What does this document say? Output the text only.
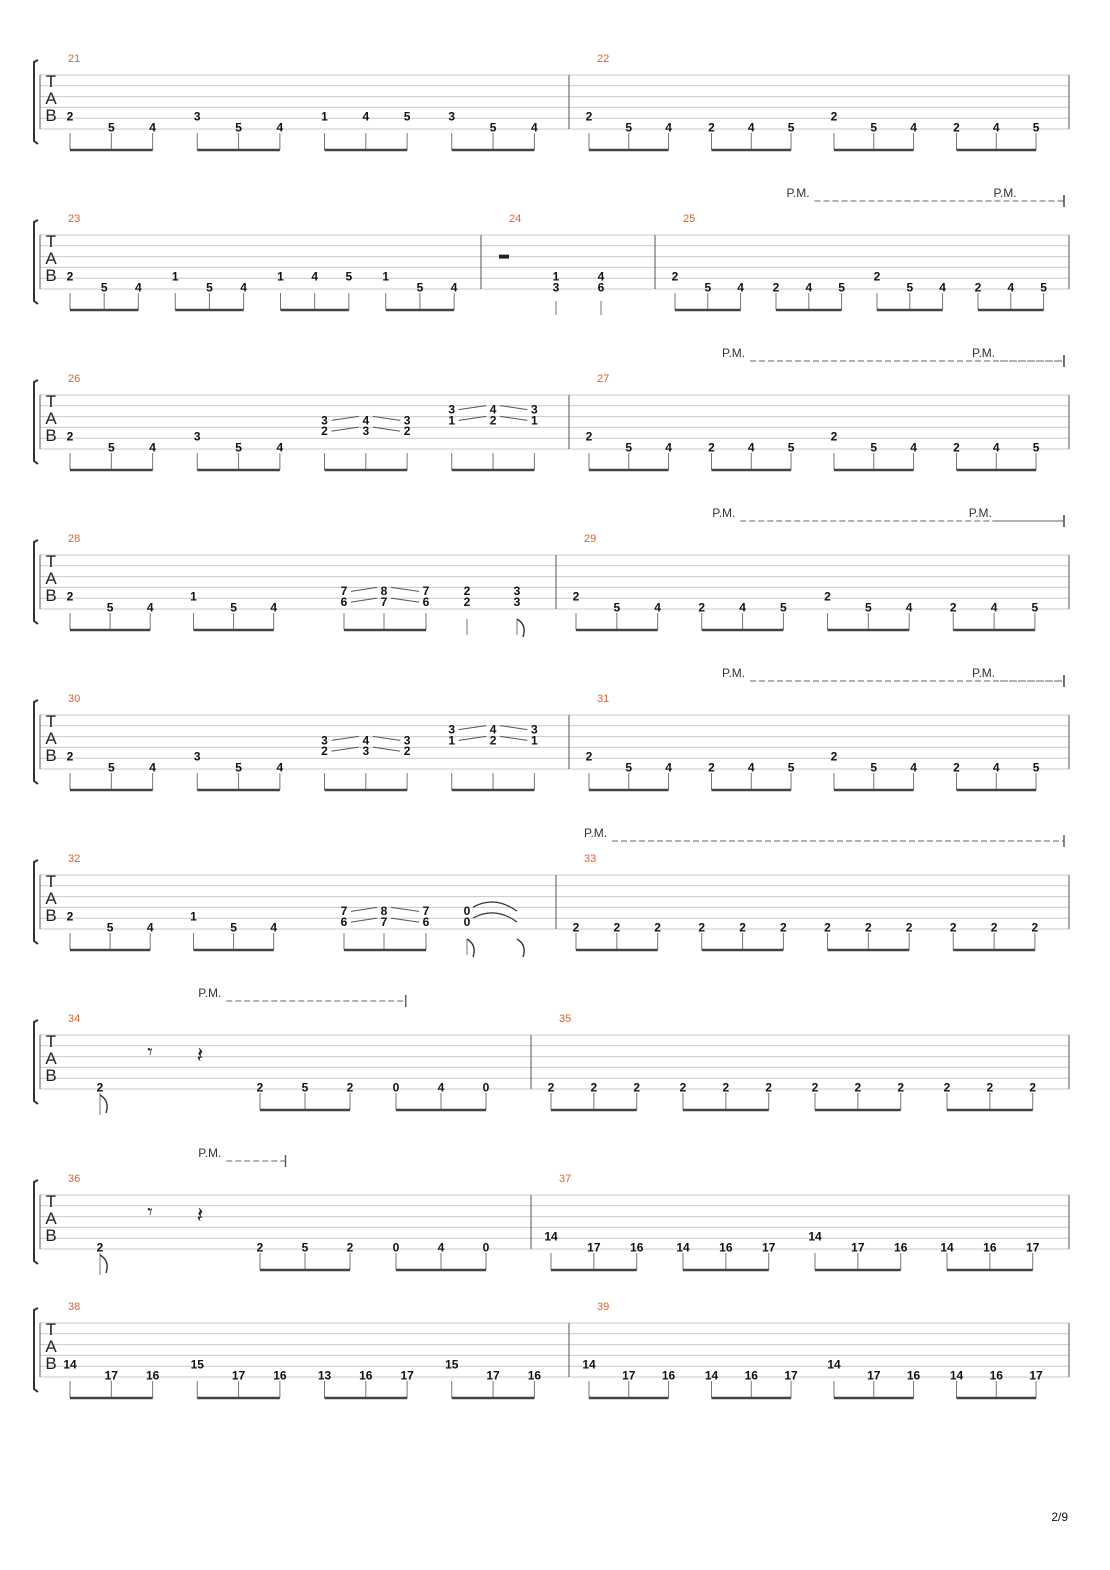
T
A
B
21
2
5	4
3
5	4
1	4	5	3
5	4
22
2
5	4	2	4	5
2
5	4	2	4	5
T
A
B
23
2
5 4
1
5 4
1 4 5	1
5 4
24
1
3
4
6
25
P.M.	P.M.
2
5 4 2 4 5
2
5 4 2 4 5
T
A
B
26
2
5	4
3
5	4
3
2
4
3
3
2
3
1
4
2
3
1
27
P.M.	P.M.
2
5	4	2	4	5
2
5	4	2	4	5
T
A
B
28
2
5	4
1
5	4
7
6
8
7
7
6
2
2
3
3
29
P.M.	P.M.
2
5	4	2	4	5
2
5	4	2	4	5
T
A
B
30
2
5	4
3
5	4
3
2
4
3
3
2
3
1
4
2
3
1
31
P.M.	P.M.
2
5	4	2	4	5
2
5	4	2	4	5
T
A
B
32
2
5	4
1
5	4
7
6
8
7
7
6
0
0
33
P.M.
2	2	2	2	2	2	2	2	2	2	2	2
T
A
B
34
P.M.
2
𝄾 𝄽
2	5	2	0	4	0
35
2	2	2	2	2	2	2	2	2	2	2	2
T
A
B
36
P.M.
2
𝄾 𝄽
2	5	2	0	4	0
37
14
17 16	14 16 17
14
17 16	14 16 17
T
A
B
38
14
17 16
15
17 16	13 16 17
15
17 16
39
14
17 16 14 16 17
14
17 16 14 16 17
2/9
